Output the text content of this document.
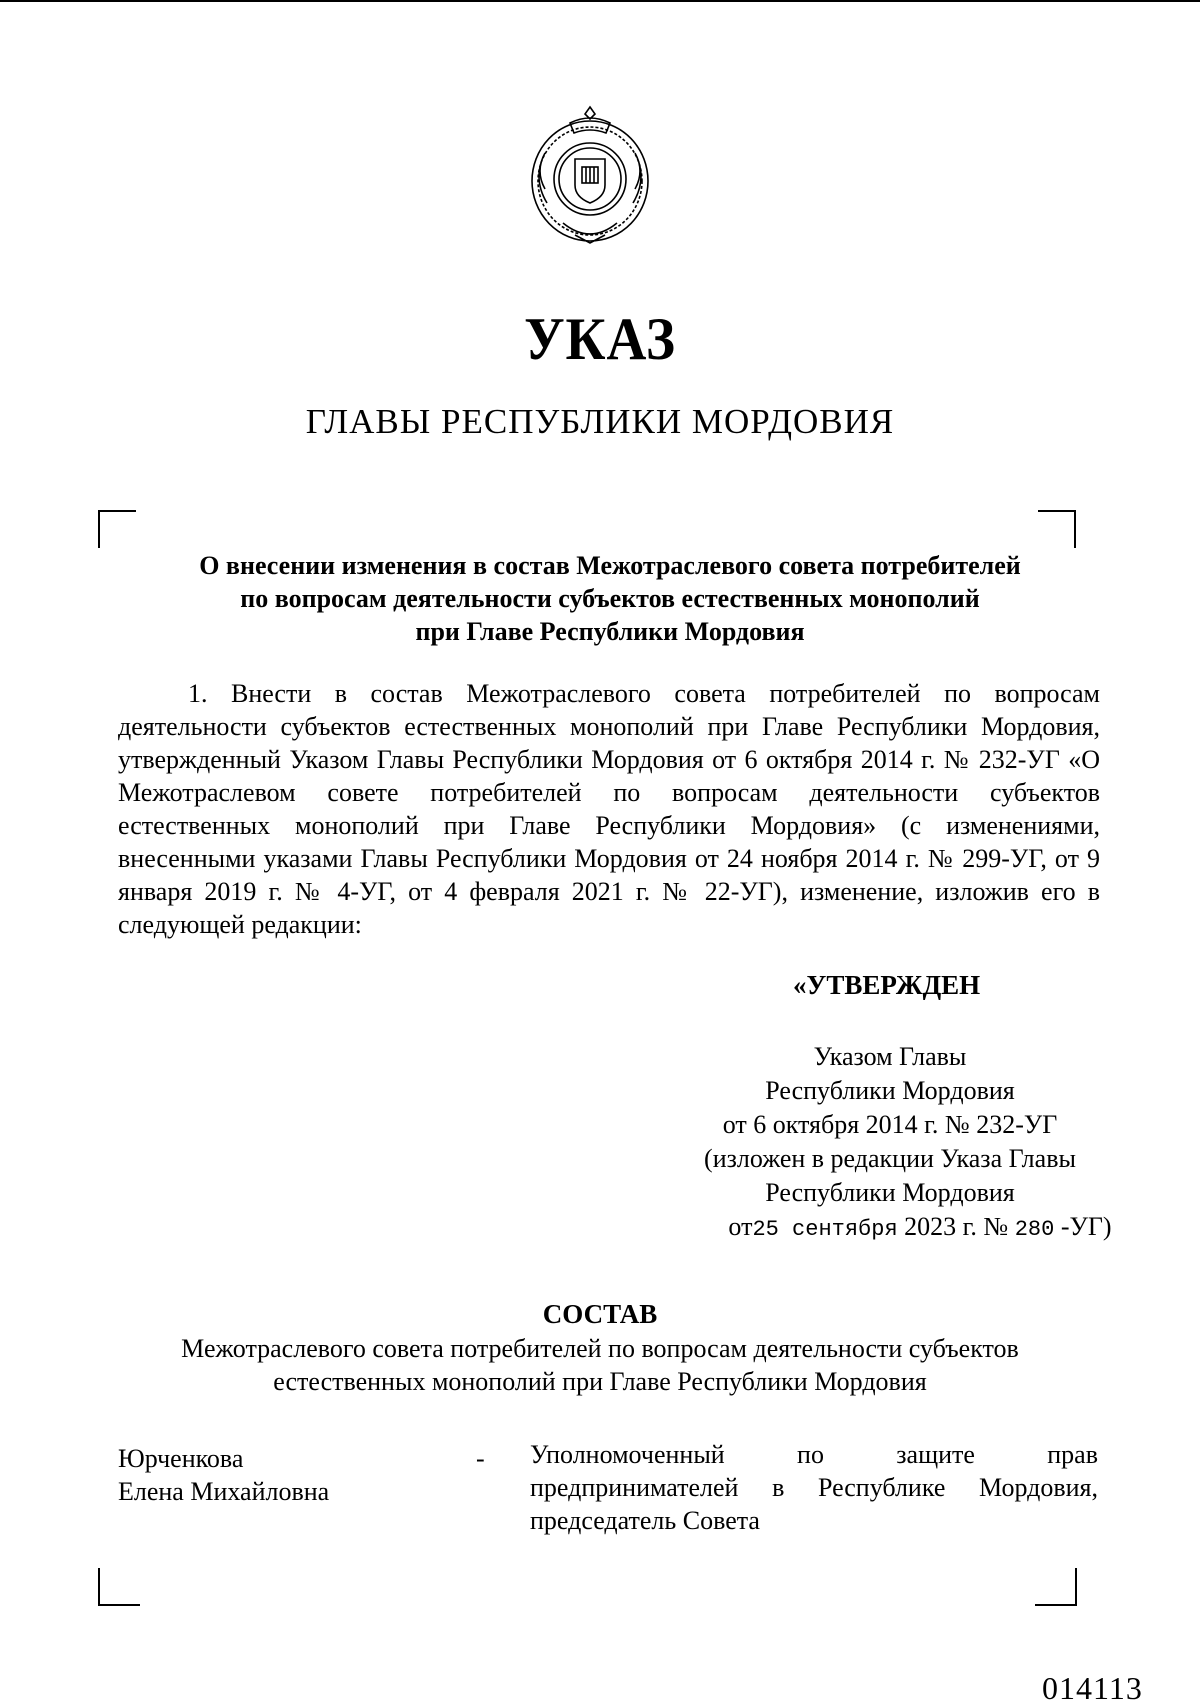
УКАЗ
ГЛАВЫ РЕСПУБЛИКИ МОРДОВИЯ
О внесении изменения в состав Межотраслевого совета потребителей
по вопросам деятельности субъектов естественных монополий
при Главе Республики Мордовия

1. Внести в состав Межотраслевого совета потребителей по вопросам деятельности субъектов естественных монополий при Главе Республики Мордовия, утвержденный Указом Главы Республики Мордовия от 6 октября 2014 г. № 232-УГ «О Межотраслевом совете потребителей по вопросам деятельности субъектов естественных монополий при Главе Республики Мордовия» (с изменениями, внесенными указами Главы Республики Мордовия от 24 ноября 2014 г. № 299-УГ, от 9 января 2019 г. № 4-УГ, от 4 февраля 2021 г. № 22-УГ), изменение, изложив его в следующей редакции:

«УТВЕРЖДЕН
Указом Главы
Республики Мордовия
от 6 октября 2014 г. № 232-УГ
(изложен в редакции Указа Главы
Республики Мордовия
от25 сентября 2023 г. № 280 -УГ)
СОСТАВ
Межотраслевого совета потребителей по вопросам деятельности субъектов
естественных монополий при Главе Республики Мордовия
Юрченкова
Елена Михайловна
- Уполномоченный по защите прав предпринимателей в Республике Мордовия, председатель Совета
014113
